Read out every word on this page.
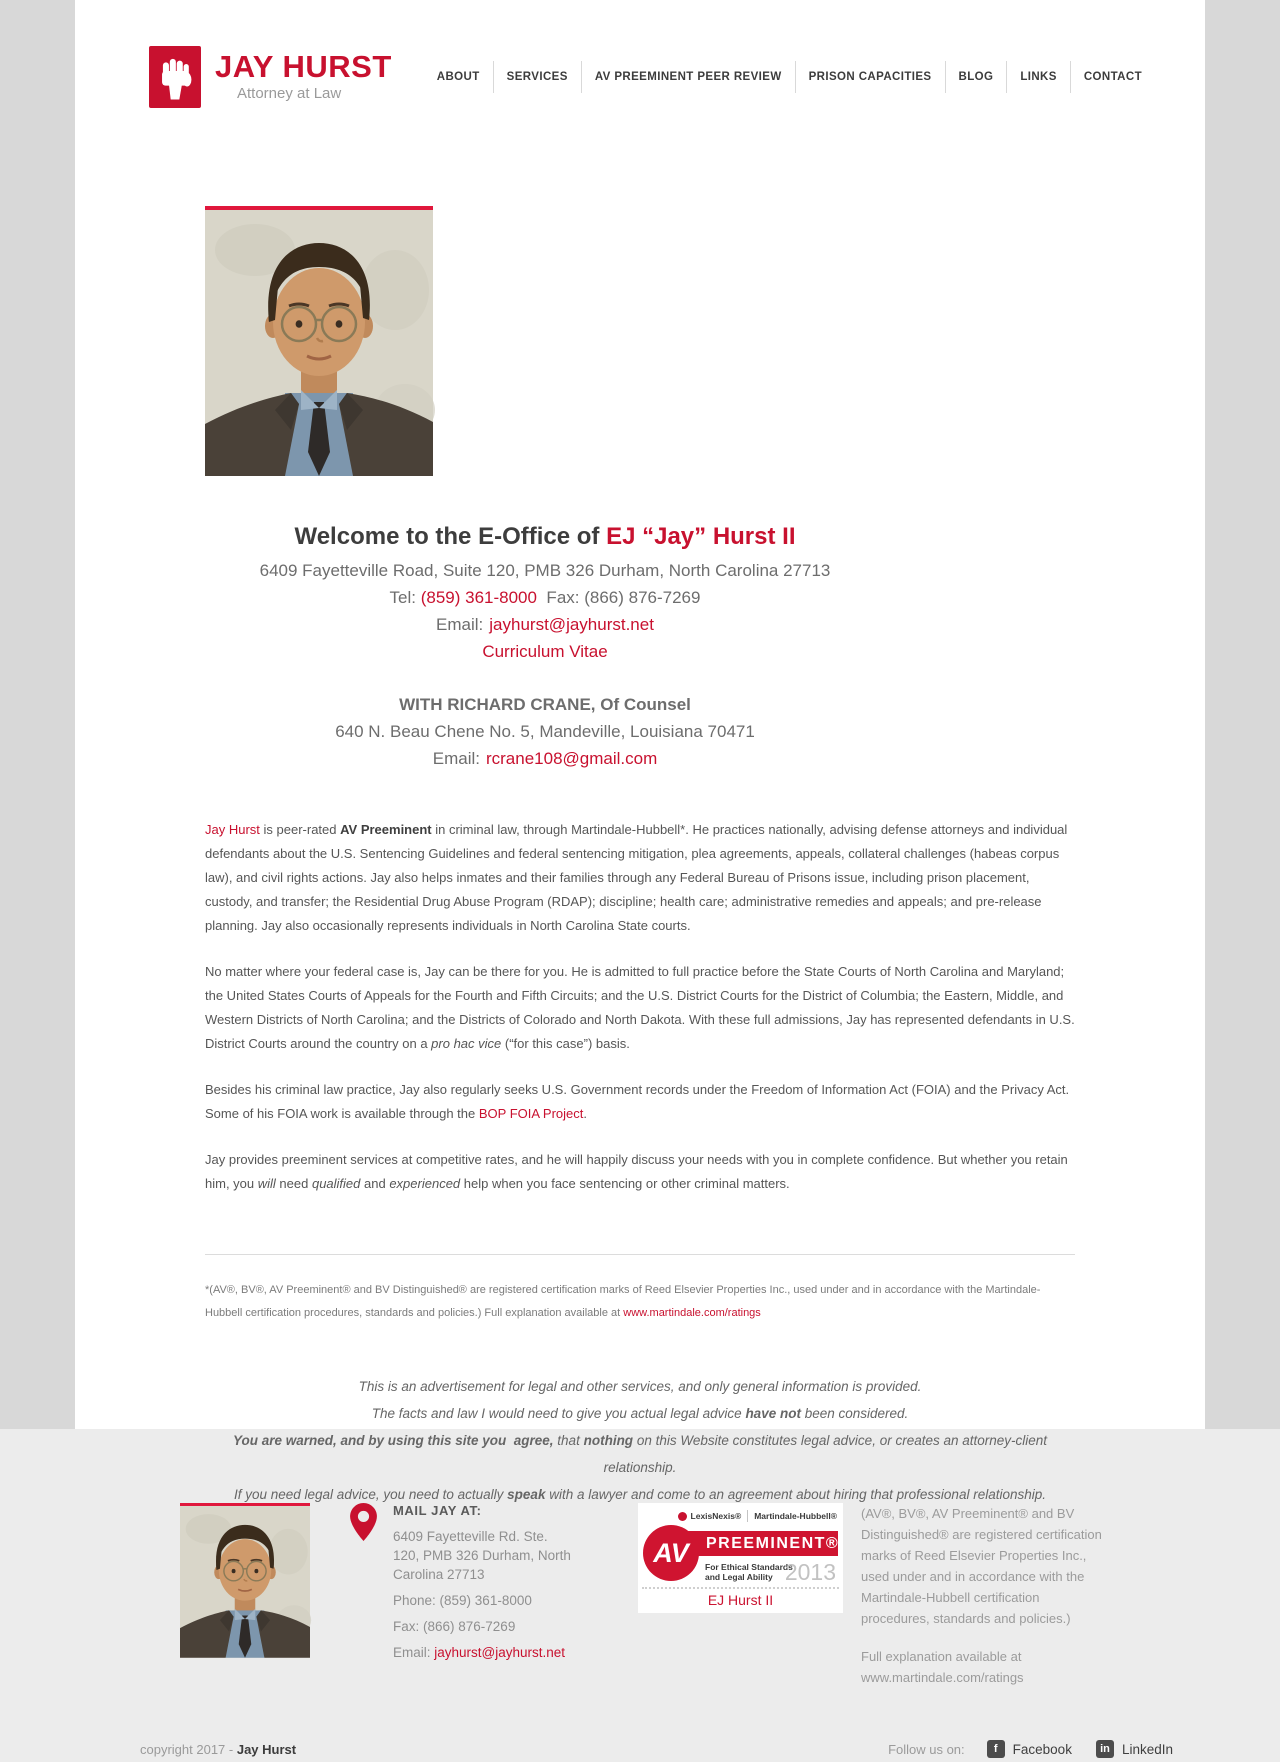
JAY HURST
Attorney at Law
ABOUT	SERVICES	AV PREEMINENT PEER REVIEW	PRISON CAPACITIES	BLOG	LINKS	CONTACT
Welcome to the E-Office of EJ “Jay” Hurst II

6409 Fayetteville Road, Suite 120, PMB 326 Durham, North Carolina 27713

Tel: (859) 361-8000  Fax: (866) 876-7269

Email: jayhurst@jayhurst.net

Curriculum Vitae

WITH RICHARD CRANE, Of Counsel

640 N. Beau Chene No. 5, Mandeville, Louisiana 70471

Email: rcrane108@gmail.com

Jay Hurst is peer-rated AV Preeminent in criminal law, through Martindale-Hubbell*. He practices nationally, advising defense attorneys and individual defendants about the U.S. Sentencing Guidelines and federal sentencing mitigation, plea agreements, appeals, collateral challenges (habeas corpus law), and civil rights actions. Jay also helps inmates and their families through any Federal Bureau of Prisons issue, including prison placement, custody, and transfer; the Residential Drug Abuse Program (RDAP); discipline; health care; administrative remedies and appeals; and pre-release planning. Jay also occasionally represents individuals in North Carolina State courts.

No matter where your federal case is, Jay can be there for you. He is admitted to full practice before the State Courts of North Carolina and Maryland; the United States Courts of Appeals for the Fourth and Fifth Circuits; and the U.S. District Courts for the District of Columbia; the Eastern, Middle, and Western Districts of North Carolina; and the Districts of Colorado and North Dakota. With these full admissions, Jay has represented defendants in U.S. District Courts around the country on a pro hac vice (“for this case”) basis.

Besides his criminal law practice, Jay also regularly seeks U.S. Government records under the Freedom of Information Act (FOIA) and the Privacy Act. Some of his FOIA work is available through the BOP FOIA Project.

Jay provides preeminent services at competitive rates, and he will happily discuss your needs with you in complete confidence. But whether you retain him, you will need qualified and experienced help when you face sentencing or other criminal matters.

*(AV®, BV®, AV Preeminent® and BV Distinguished® are registered certification marks of Reed Elsevier Properties Inc., used under and in accordance with the Martindale-Hubbell certification procedures, standards and policies.) Full explanation available at www.martindale.com/ratings

This is an advertisement for legal and other services, and only general information is provided.
The facts and law I would need to give you actual legal advice have not been considered.
You are warned, and by using this site you  agree, that nothing on this Website constitutes legal advice, or creates an attorney-client relationship.
If you need legal advice, you need to actually speak with a lawyer and come to an agreement about hiring that professional relationship.
MAIL JAY AT:

6409 Fayetteville Rd. Ste. 120, PMB 326 Durham, North Carolina 27713

Phone: (859) 361-8000

Fax: (866) 876-7269

Email: jayhurst@jayhurst.net

LexisNexis® Martindale-Hubbell®
AV	PREEMINENT®
For Ethical Standards
and Legal Ability 2013
EJ Hurst II

(AV®, BV®, AV Preeminent® and BV Distinguished® are registered certification marks of Reed Elsevier Properties Inc., used under and in accordance with the Martindale-Hubbell certification procedures, standards and policies.)

Full explanation available at
www.martindale.com/ratings

copyright 2017 - Jay Hurst	Follow us on:	f	Facebook	in LinkedIn
